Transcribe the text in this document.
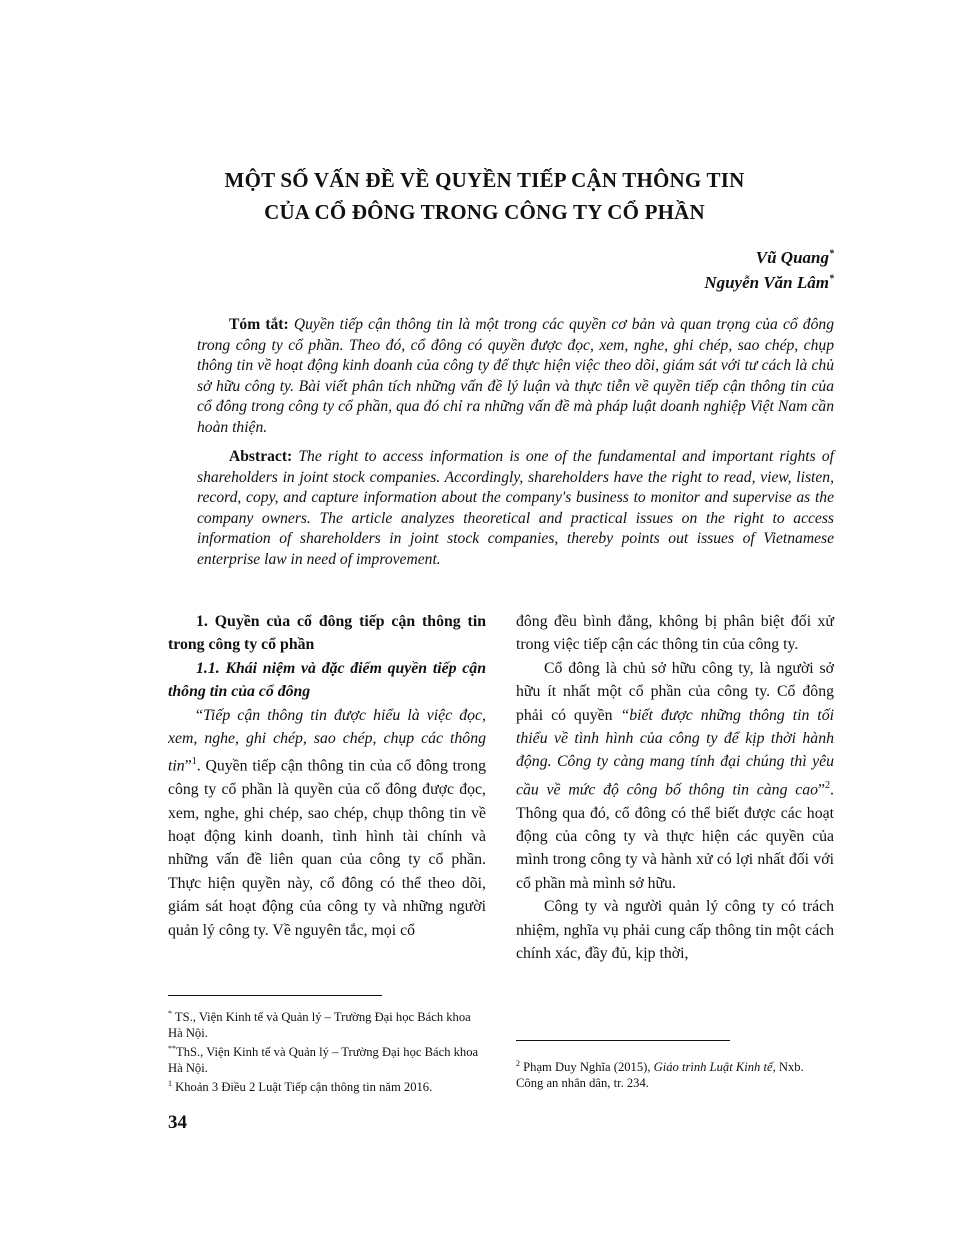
MỘT SỐ VẤN ĐỀ VỀ QUYỀN TIẾP CẬN THÔNG TIN
CỦA CỔ ĐÔNG TRONG CÔNG TY CỔ PHẦN
Vũ Quang*
Nguyễn Văn Lâm*
Tóm tắt: Quyền tiếp cận thông tin là một trong các quyền cơ bản và quan trọng của cổ đông trong công ty cổ phần. Theo đó, cổ đông có quyền được đọc, xem, nghe, ghi chép, sao chép, chụp thông tin về hoạt động kinh doanh của công ty để thực hiện việc theo dõi, giám sát với tư cách là chủ sở hữu công ty. Bài viết phân tích những vấn đề lý luận và thực tiễn về quyền tiếp cận thông tin của cổ đông trong công ty cổ phần, qua đó chỉ ra những vấn đề mà pháp luật doanh nghiệp Việt Nam cần hoàn thiện.
Abstract: The right to access information is one of the fundamental and important rights of shareholders in joint stock companies. Accordingly, shareholders have the right to read, view, listen, record, copy, and capture information about the company's business to monitor and supervise as the company owners. The article analyzes theoretical and practical issues on the right to access information of shareholders in joint stock companies, thereby points out issues of Vietnamese enterprise law in need of improvement.

1. Quyền của cổ đông tiếp cận thông tin trong công ty cổ phần

1.1. Khái niệm và đặc điểm quyền tiếp cận thông tin của cổ đông

“Tiếp cận thông tin được hiểu là việc đọc, xem, nghe, ghi chép, sao chép, chụp các thông tin”$^1$. Quyền tiếp cận thông tin của cổ đông trong công ty cổ phần là quyền của cổ đông được đọc, xem, nghe, ghi chép, sao chép, chụp thông tin về hoạt động kinh doanh, tình hình tài chính và những vấn đề liên quan của công ty cổ phần. Thực hiện quyền này, cổ đông có thể theo dõi, giám sát hoạt động của công ty và những người quản lý công ty. Về nguyên tắc, mọi cổ

đông đều bình đẳng, không bị phân biệt đối xử trong việc tiếp cận các thông tin của công ty.

Cổ đông là chủ sở hữu công ty, là người sở hữu ít nhất một cổ phần của công ty. Cổ đông phải có quyền “biết được những thông tin tối thiểu về tình hình của công ty để kịp thời hành động. Công ty càng mang tính đại chúng thì yêu cầu về mức độ công bố thông tin càng cao”$^2$. Thông qua đó, cổ đông có thể biết được các hoạt động của công ty và thực hiện các quyền của mình trong công ty và hành xử có lợi nhất đối với cổ phần mà mình sở hữu.

Công ty và người quản lý công ty có trách nhiệm, nghĩa vụ phải cung cấp thông tin một cách chính xác, đầy đủ, kịp thời,

* TS., Viện Kinh tế và Quản lý – Trường Đại học Bách khoa Hà Nội.
**ThS., Viện Kinh tế và Quản lý – Trường Đại học Bách khoa Hà Nội.
$^1$ Khoản 3 Điều 2 Luật Tiếp cận thông tin năm 2016.
$^2$ Phạm Duy Nghĩa (2015), Giáo trình Luật Kinh tế, Nxb. Công an nhân dân, tr. 234.
34
